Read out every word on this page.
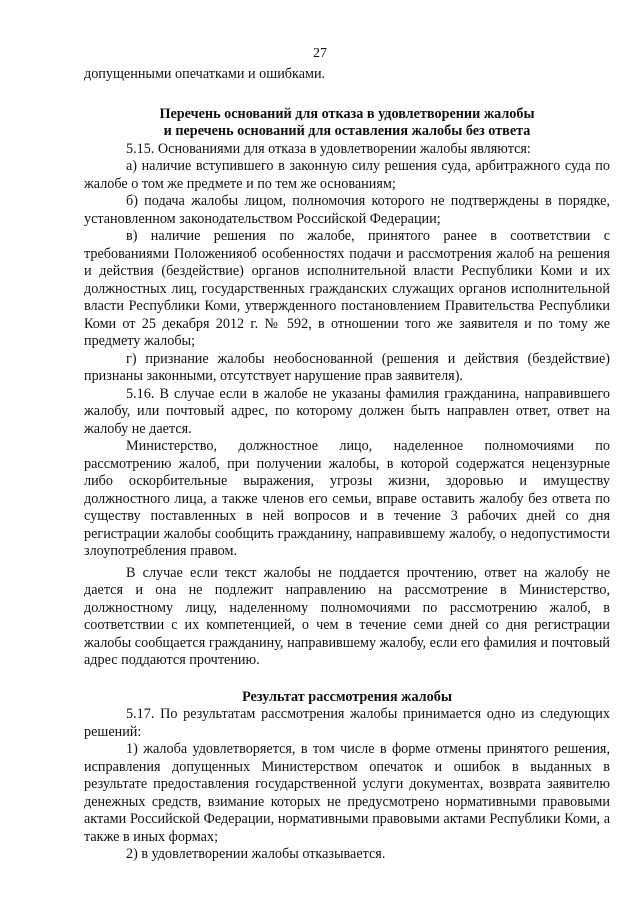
27

допущенными опечатками и ошибками.

Перечень оснований для отказа в удовлетворении жалобы

и перечень оснований для оставления жалобы без ответа

5.15. Основаниями для отказа в удовлетворении жалобы являются:

а) наличие вступившего в законную силу решения суда, арбитражного суда по жалобе о том же предмете и по тем же основаниям;

б) подача жалобы лицом, полномочия которого не подтверждены в порядке, установленном законодательством Российской Федерации;

в) наличие решения по жалобе, принятого ранее в соответствии с требованиями Положенияоб особенностях подачи и рассмотрения жалоб на решения и действия (бездействие) органов исполнительной власти Республики Коми и их должностных лиц, государственных гражданских служащих органов исполнительной власти Республики Коми, утвержденного постановлением Правительства Республики Коми от 25 декабря 2012 г. № 592, в отношении того же заявителя и по тому же предмету жалобы;

г) признание жалобы необоснованной (решения и действия (бездействие) признаны законными, отсутствует нарушение прав заявителя).

5.16. В случае если в жалобе не указаны фамилия гражданина, направившего жалобу, или почтовый адрес, по которому должен быть направлен ответ, ответ на жалобу не дается.

Министерство, должностное лицо, наделенное полномочиями по рассмотрению жалоб, при получении жалобы, в которой содержатся нецензурные либо оскорбительные выражения, угрозы жизни, здоровью и имуществу должностного лица, а также членов его семьи, вправе оставить жалобу без ответа по существу поставленных в ней вопросов и в течение 3 рабочих дней со дня регистрации жалобы сообщить гражданину, направившему жалобу, о недопустимости злоупотребления правом.

В случае если текст жалобы не поддается прочтению, ответ на жалобу не дается и она не подлежит направлению на рассмотрение в Министерство, должностному лицу, наделенному полномочиями по рассмотрению жалоб, в соответствии с их компетенцией, о чем в течение семи дней со дня регистрации жалобы сообщается гражданину, направившему жалобу, если его фамилия и почтовый адрес поддаются прочтению.

Результат рассмотрения жалобы

5.17. По результатам рассмотрения жалобы принимается одно из следующих решений:

1) жалоба удовлетворяется, в том числе в форме отмены принятого решения, исправления допущенных Министерством опечаток и ошибок в выданных в результате предоставления государственной услуги документах, возврата заявителю денежных средств, взимание которых не предусмотрено нормативными правовыми актами Российской Федерации, нормативными правовыми актами Республики Коми, а также в иных формах;

2) в удовлетворении жалобы отказывается.
